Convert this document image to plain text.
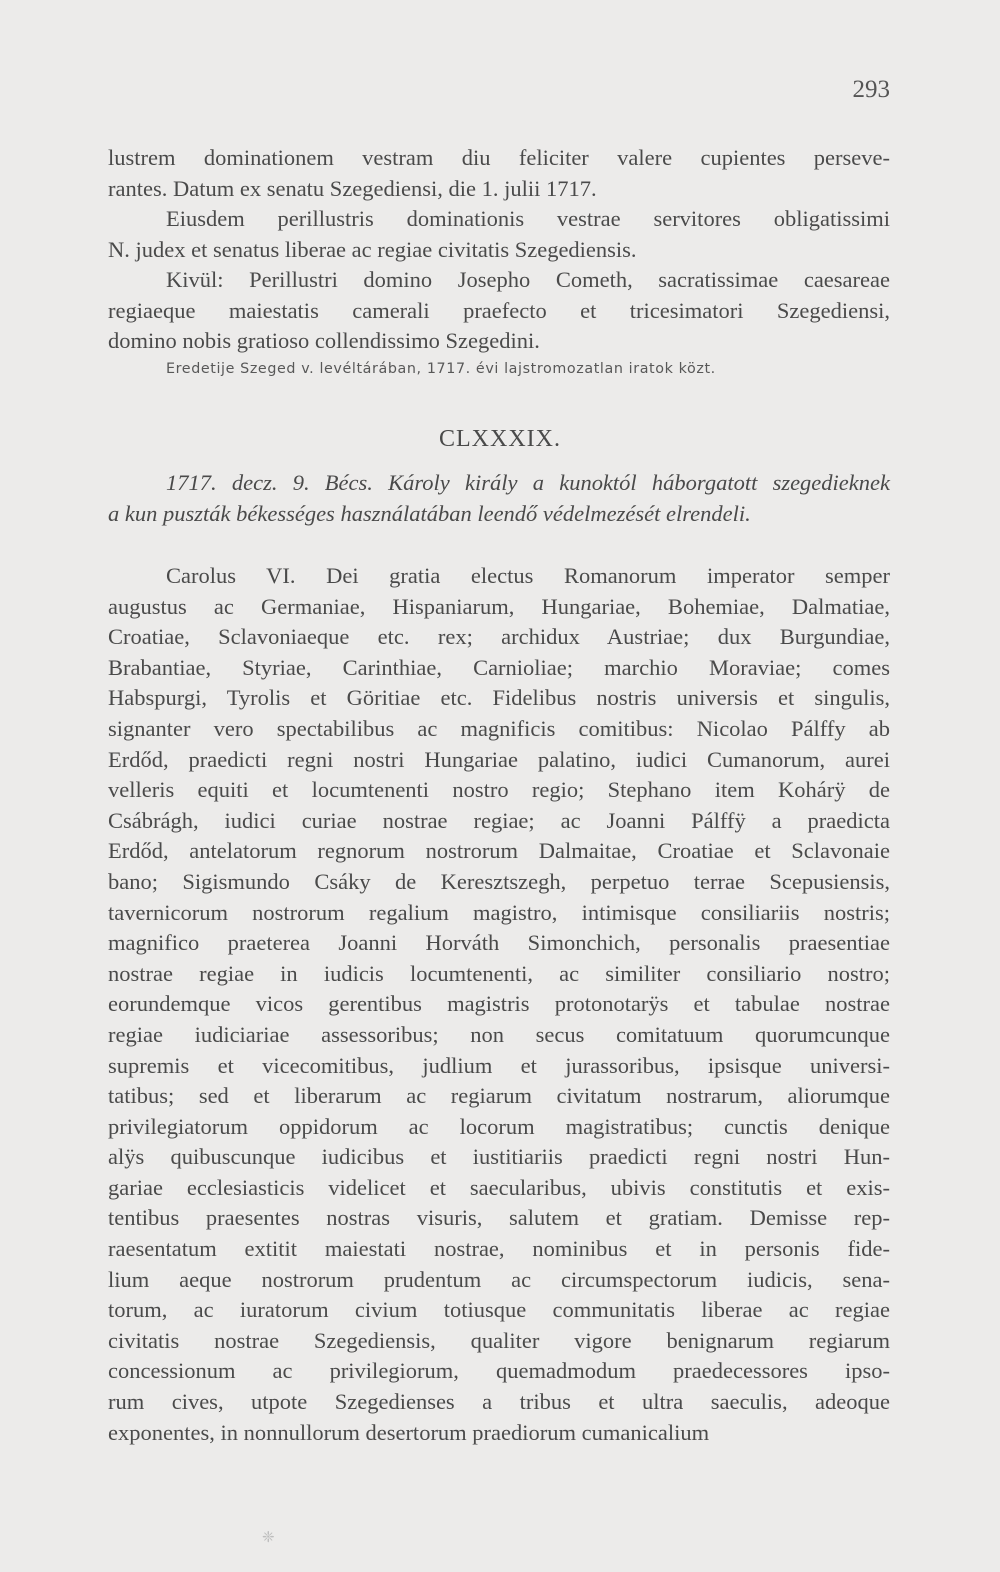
293
lustrem dominationem vestram diu feliciter valere cupientes perseve-
rantes. Datum ex senatu Szegediensi, die 1. julii 1717.
Eiusdem perillustris dominationis vestrae servitores obligatissimi
N. judex et senatus liberae ac regiae civitatis Szegediensis.
Kivül: Perillustri domino Josepho Cometh, sacratissimae caesareae
regiaeque maiestatis camerali praefecto et tricesimatori Szegediensi,
domino nobis gratioso collendissimo Szegedini.
Eredetije Szeged v. levéltárában, 1717. évi lajstromozatlan iratok közt.
CLXXXIX.
1717. decz. 9. Bécs. Károly király a kunoktól háborgatott szegedieknek
a kun puszták békességes használatában leendő védelmezését elrendeli.
Carolus VI. Dei gratia electus Romanorum imperator semper
augustus ac Germaniae, Hispaniarum, Hungariae, Bohemiae, Dalmatiae,
Croatiae, Sclavoniaeque etc. rex; archidux Austriae; dux Burgundiae,
Brabantiae, Styriae, Carinthiae, Carnioliae; marchio Moraviae; comes
Habspurgi, Tyrolis et Göritiae etc. Fidelibus nostris universis et singulis,
signanter vero spectabilibus ac magnificis comitibus: Nicolao Pálffy ab
Erdőd, praedicti regni nostri Hungariae palatino, iudici Cumanorum, aurei
velleris equiti et locumtenenti nostro regio; Stephano item Kohárÿ de
Csábrágh, iudici curiae nostrae regiae; ac Joanni Pálffÿ a praedicta
Erdőd, antelatorum regnorum nostrorum Dalmaitae, Croatiae et Sclavonaie
bano; Sigismundo Csáky de Keresztszegh, perpetuo terrae Scepusiensis,
tavernicorum nostrorum regalium magistro, intimisque consiliariis nostris;
magnifico praeterea Joanni Horváth Simonchich, personalis praesentiae
nostrae regiae in iudicis locumtenenti, ac similiter consiliario nostro;
eorundemque vicos gerentibus magistris protonotarÿs et tabulae nostrae
regiae iudiciariae assessoribus; non secus comitatuum quorumcunque
supremis et vicecomitibus, judlium et jurassoribus, ipsisque universi-
tatibus; sed et liberarum ac regiarum civitatum nostrarum, aliorumque
privilegiatorum oppidorum ac locorum magistratibus; cunctis denique
alÿs quibuscunque iudicibus et iustitiariis praedicti regni nostri Hun-
gariae ecclesiasticis videlicet et saecularibus, ubivis constitutis et exis-
tentibus praesentes nostras visuris, salutem et gratiam. Demisse rep-
raesentatum extitit maiestati nostrae, nominibus et in personis fide-
lium aeque nostrorum prudentum ac circumspectorum iudicis, sena-
torum, ac iuratorum civium totiusque communitatis liberae ac regiae
civitatis nostrae Szegediensis, qualiter vigore benignarum regiarum
concessionum ac privilegiorum, quemadmodum praedecessores ipso-
rum cives, utpote Szegedienses a tribus et ultra saeculis, adeoque
exponentes, in nonnullorum desertorum praediorum cumanicalium
❈
